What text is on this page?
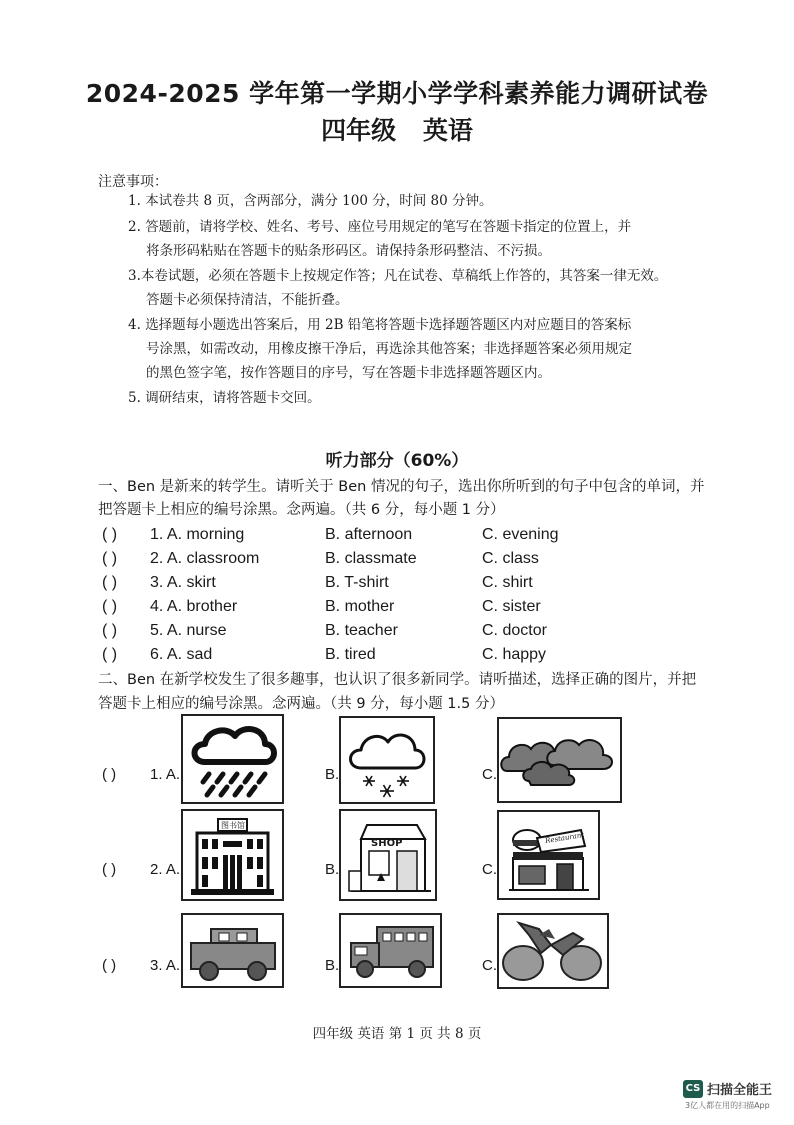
2024-2025 学年第一学期小学学科素养能力调研试卷
四年级 英语
注意事项：
1. 本试卷共 8 页，含两部分，满分 100 分，时间 80 分钟。
2. 答题前，请将学校、姓名、考号、座位号用规定的笔写在答题卡指定的位置上，并
将条形码粘贴在答题卡的贴条形码区。请保持条形码整洁、不污损。
3.本卷试题，必须在答题卡上按规定作答；凡在试卷、草稿纸上作答的，其答案一律无效。
答题卡必须保持清洁，不能折叠。
4. 选择题每小题选出答案后，用 2B 铅笔将答题卡选择题答题区内对应题目的答案标
号涂黑，如需改动，用橡皮擦干净后，再选涂其他答案；非选择题答案必须用规定
的黑色签字笔，按作答题目的序号，写在答题卡非选择题答题区内。
5. 调研结束，请将答题卡交回。
听力部分（60%）
一、Ben 是新来的转学生。请听关于 Ben 情况的句子，选出你所听到的句子中包含的单词，并
把答题卡上相应的编号涂黑。念两遍。（共 6 分，每小题 1 分）
( ) 1. A. morning	B. afternoon	C. evening
( ) 2. A. classroom	B. classmate	C. class
( ) 3. A. skirt	B. T-shirt	C. shirt
( ) 4. A. brother	B. mother	C. sister
( ) 5. A. nurse	B. teacher	C. doctor
( ) 6. A. sad	B. tired	C. happy
二、Ben 在新学校发生了很多趣事，也认识了很多新同学。请听描述，选择正确的图片，并把
答题卡上相应的编号涂黑。念两遍。（共 9 分，每小题 1.5 分）
( ) 1. A.	B.	C.
( ) 2. A.	B.	C.
图书馆
SHOP	Restaurant
( ) 3. A.	B.	C.
四年级 英语 第 1 页 共 8 页
CS 扫描全能王
3亿人都在用的扫描App
